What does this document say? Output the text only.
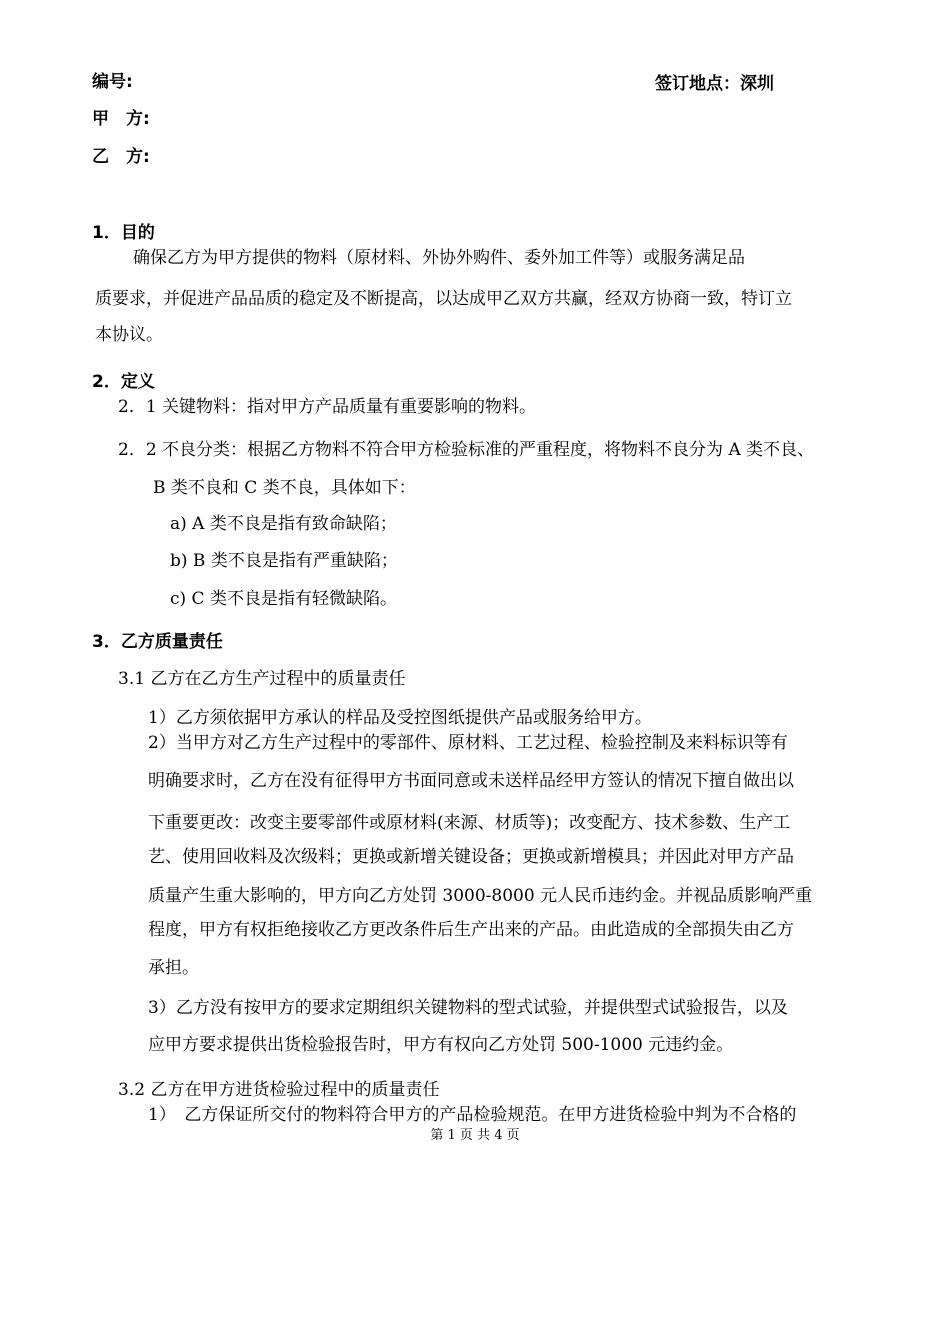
编号:	签订地点：深圳

甲　方:

乙　方:

1．目的

确保乙方为甲方提供的物料（原材料、外协外购件、委外加工件等）或服务满足品

质要求，并促进产品品质的稳定及不断提高，以达成甲乙双方共赢，经双方协商一致，特订立

本协议。

2．定义

2．1 关键物料：指对甲方产品质量有重要影响的物料。

2．2 不良分类：根据乙方物料不符合甲方检验标准的严重程度，将物料不良分为 A 类不良、

B 类不良和 C 类不良，具体如下：

a) A 类不良是指有致命缺陷；

b) B 类不良是指有严重缺陷；

c) C 类不良是指有轻微缺陷。

3．乙方质量责任

3.1 乙方在乙方生产过程中的质量责任

1）乙方须依据甲方承认的样品及受控图纸提供产品或服务给甲方。

2）当甲方对乙方生产过程中的零部件、原材料、工艺过程、检验控制及来料标识等有

明确要求时，乙方在没有征得甲方书面同意或未送样品经甲方签认的情况下擅自做出以

下重要更改：改变主要零部件或原材料(来源、材质等)；改变配方、技术参数、生产工

艺、使用回收料及次级料；更换或新增关键设备；更换或新增模具；并因此对甲方产品

质量产生重大影响的，甲方向乙方处罚 3000-8000 元人民币违约金。并视品质影响严重

程度，甲方有权拒绝接收乙方更改条件后生产出来的产品。由此造成的全部损失由乙方

承担。

3）乙方没有按甲方的要求定期组织关键物料的型式试验，并提供型式试验报告，以及

应甲方要求提供出货检验报告时，甲方有权向乙方处罚 500-1000 元违约金。

3.2 乙方在甲方进货检验过程中的质量责任

1）　乙方保证所交付的物料符合甲方的产品检验规范。在甲方进货检验中判为不合格的

第 1 页 共 4 页
